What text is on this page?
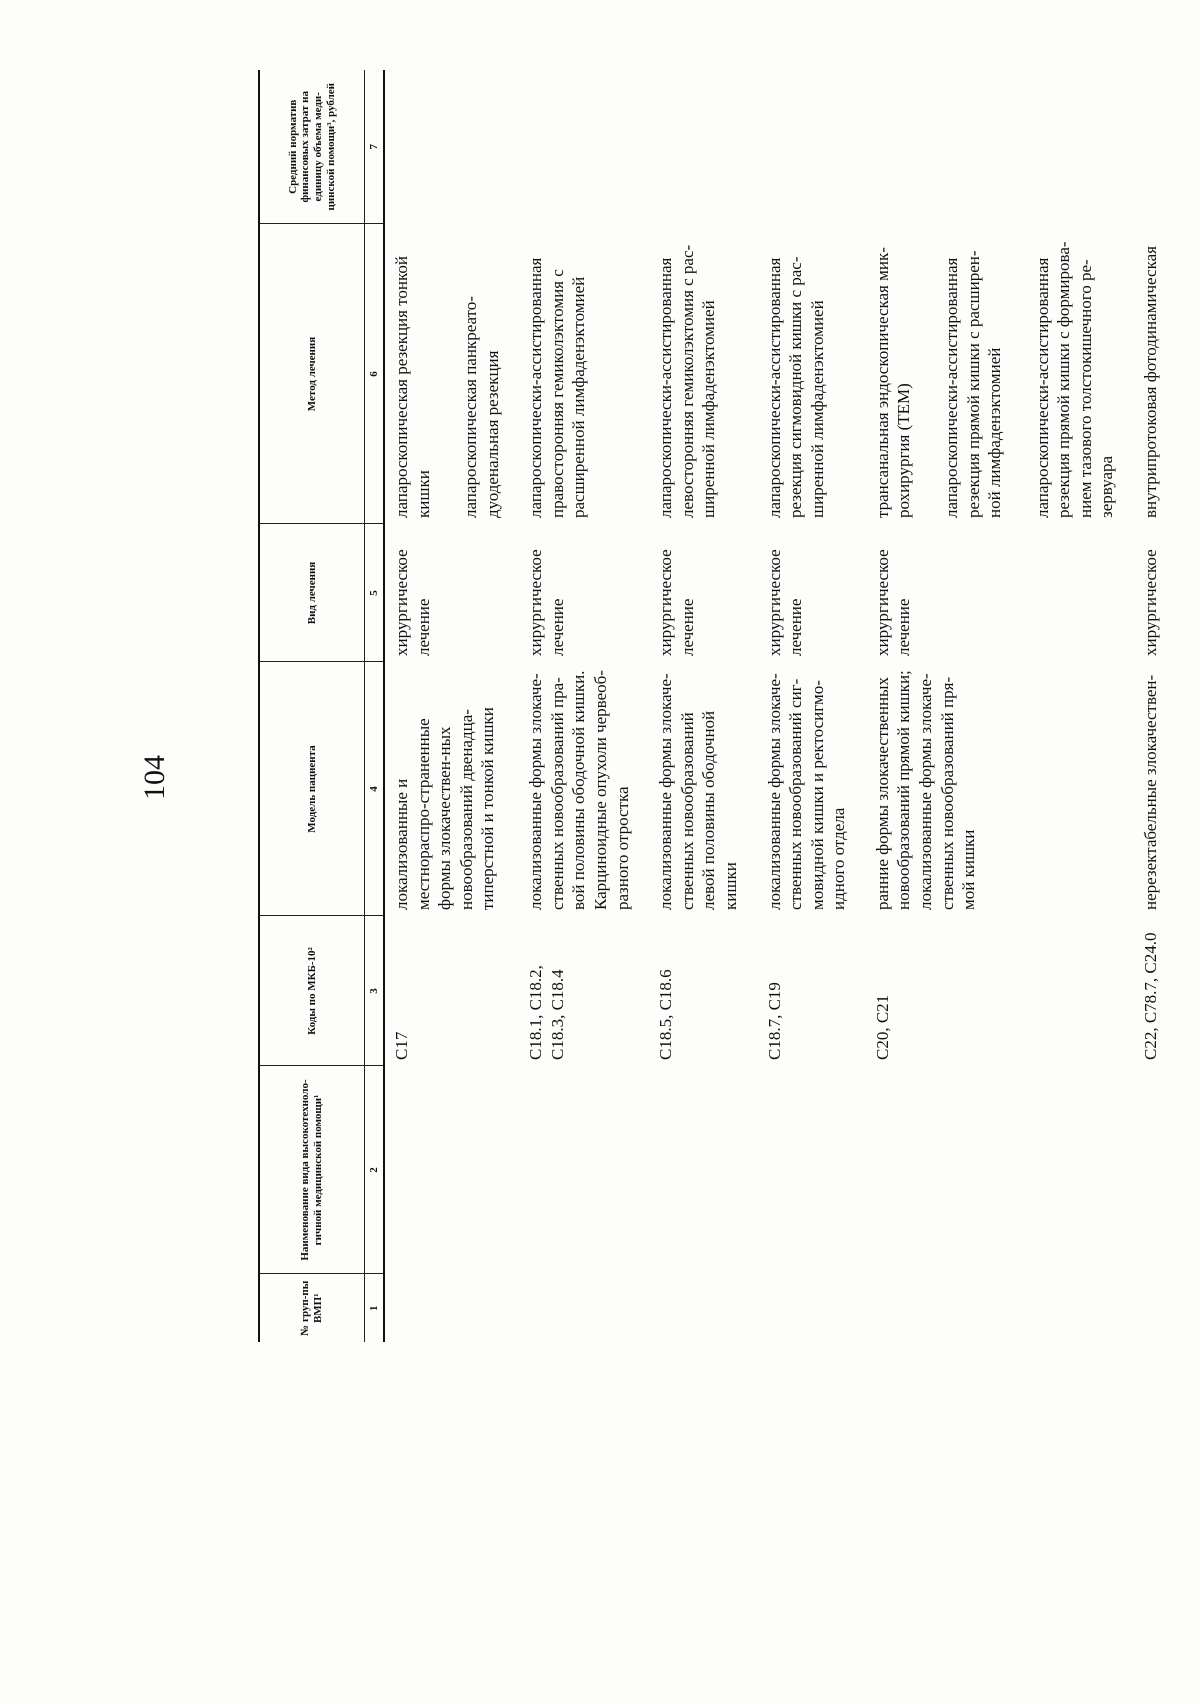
104
№ груп-пы ВМП¹	Наименование вида высокотехноло-гичной медицинской помощи¹	Коды по МКБ-10²	Модель пациента	Вид лечения	Метод лечения	Средний норматив финансовых затрат на единицу объема меди-цинской помощи³, рублей
1	2	3	4	5	6	7
		C17	локализованные и местнораспро-страненные формы злокачествен-ных новообразований двенадца-типерстной и тонкой кишки	хирургическое лечение	лапароскопическая резекция тонкой кишки лапароскопическая панкреато-дуоденальная резекция	

		C18.1, C18.2, C18.3, C18.4	локализованные формы злокаче-ственных новообразований пра-вой половины ободочной кишки. Карциноидные опухоли червеоб-разного отростка	хирургическое лечение	лапароскопически-ассистированная правосторонняя гемиколэктомия с расширенной лимфаденэктомией	

		C18.5, C18.6	локализованные формы злокаче-ственных новообразований левой половины ободочной кишки	хирургическое лечение	лапароскопически-ассистированная левосторонняя гемиколэктомия с рас-ширенной лимфаденэктомией	

		C18.7, C19	локализованные формы злокаче-ственных новообразований сиг-мовидной кишки и ректосигмо-идного отдела	хирургическое лечение	лапароскопически-ассистированная резекция сигмовидной кишки с рас-ширенной лимфаденэктомией	

		C20, C21	ранние формы злокачественных новообразований прямой кишки; локализованные формы злокаче-ственных новообразований пря-мой кишки	хирургическое лечение	трансанальная эндоскопическая мик-рохирургия (ТЕМ) лапароскопически-ассистированная резекция прямой кишки с расширен-ной лимфаденэктомией лапароскопически-ассистированная резекция прямой кишки с формирова-нием тазового толстокишечного ре-зервуара	

		C22, C78.7, C24.0	нерезектабельные злокачествен-	хирургическое	внутрипротоковая фотодинамическая	
